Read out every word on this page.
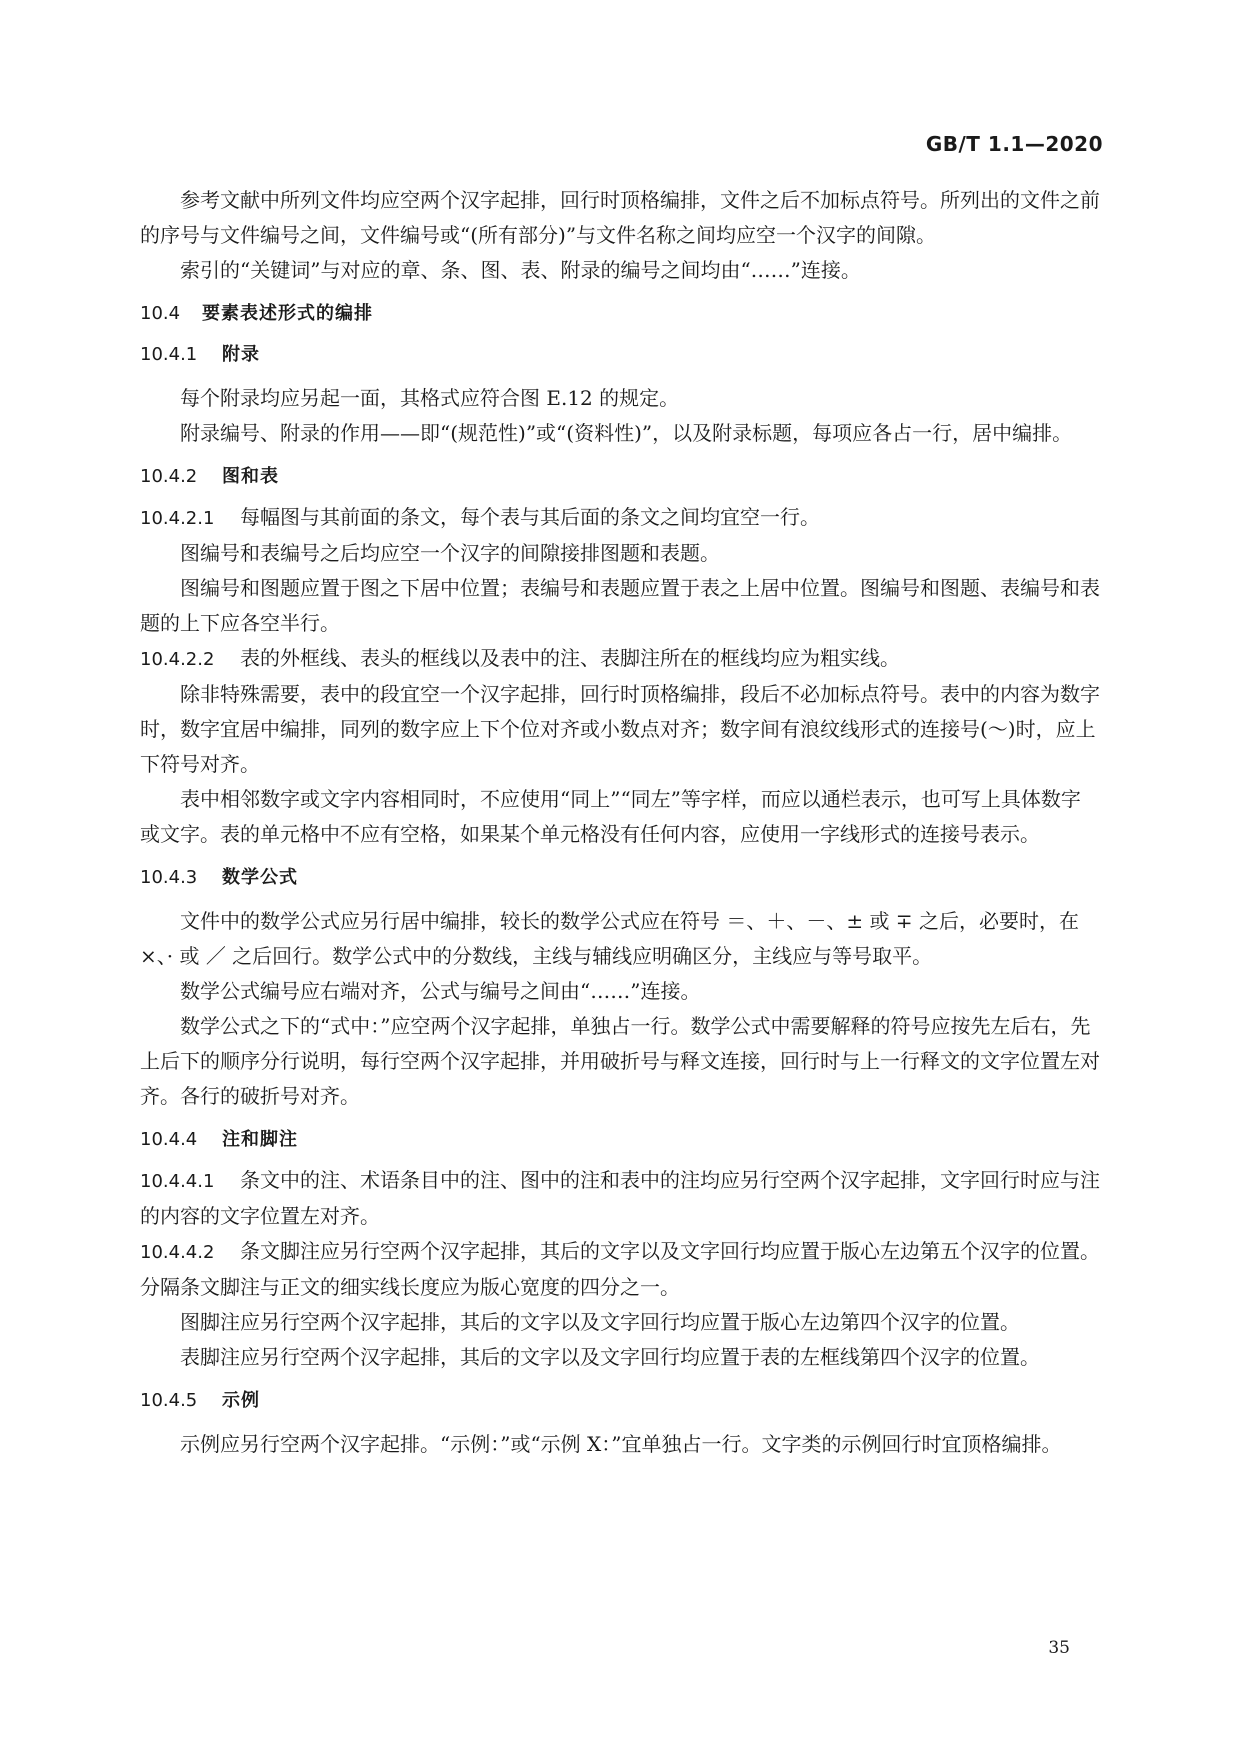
GB/T 1.1—2020

参考文献中所列文件均应空两个汉字起排，回行时顶格编排，文件之后不加标点符号。所列出的文件之前的序号与文件编号之间，文件编号或“(所有部分)”与文件名称之间均应空一个汉字的间隙。

索引的“关键词”与对应的章、条、图、表、附录的编号之间均由“……”连接。

10.4 要素表述形式的编排
10.4.1 附录

每个附录均应另起一面，其格式应符合图 E.12 的规定。

附录编号、附录的作用——即“(规范性)”或“(资料性)”，以及附录标题，每项应各占一行，居中编排。

10.4.2 图和表

10.4.2.1 每幅图与其前面的条文，每个表与其后面的条文之间均宜空一行。

图编号和表编号之后均应空一个汉字的间隙接排图题和表题。

图编号和图题应置于图之下居中位置；表编号和表题应置于表之上居中位置。图编号和图题、表编号和表题的上下应各空半行。

10.4.2.2 表的外框线、表头的框线以及表中的注、表脚注所在的框线均应为粗实线。

除非特殊需要，表中的段宜空一个汉字起排，回行时顶格编排，段后不必加标点符号。表中的内容为数字时，数字宜居中编排，同列的数字应上下个位对齐或小数点对齐；数字间有浪纹线形式的连接号(～)时，应上下符号对齐。

表中相邻数字或文字内容相同时，不应使用“同上”“同左”等字样，而应以通栏表示，也可写上具体数字或文字。表的单元格中不应有空格，如果某个单元格没有任何内容，应使用一字线形式的连接号表示。

10.4.3 数学公式

文件中的数学公式应另行居中编排，较长的数学公式应在符号 ＝、＋、－、± 或 ∓ 之后，必要时，在 ×、· 或 ／ 之后回行。数学公式中的分数线，主线与辅线应明确区分，主线应与等号取平。

数学公式编号应右端对齐，公式与编号之间由“……”连接。

数学公式之下的“式中：”应空两个汉字起排，单独占一行。数学公式中需要解释的符号应按先左后右，先上后下的顺序分行说明，每行空两个汉字起排，并用破折号与释文连接，回行时与上一行释文的文字位置左对齐。各行的破折号对齐。

10.4.4 注和脚注

10.4.4.1 条文中的注、术语条目中的注、图中的注和表中的注均应另行空两个汉字起排，文字回行时应与注的内容的文字位置左对齐。

10.4.4.2 条文脚注应另行空两个汉字起排，其后的文字以及文字回行均应置于版心左边第五个汉字的位置。分隔条文脚注与正文的细实线长度应为版心宽度的四分之一。

图脚注应另行空两个汉字起排，其后的文字以及文字回行均应置于版心左边第四个汉字的位置。

表脚注应另行空两个汉字起排，其后的文字以及文字回行均应置于表的左框线第四个汉字的位置。

10.4.5 示例

示例应另行空两个汉字起排。“示例：”或“示例 X：”宜单独占一行。文字类的示例回行时宜顶格编排。

35
